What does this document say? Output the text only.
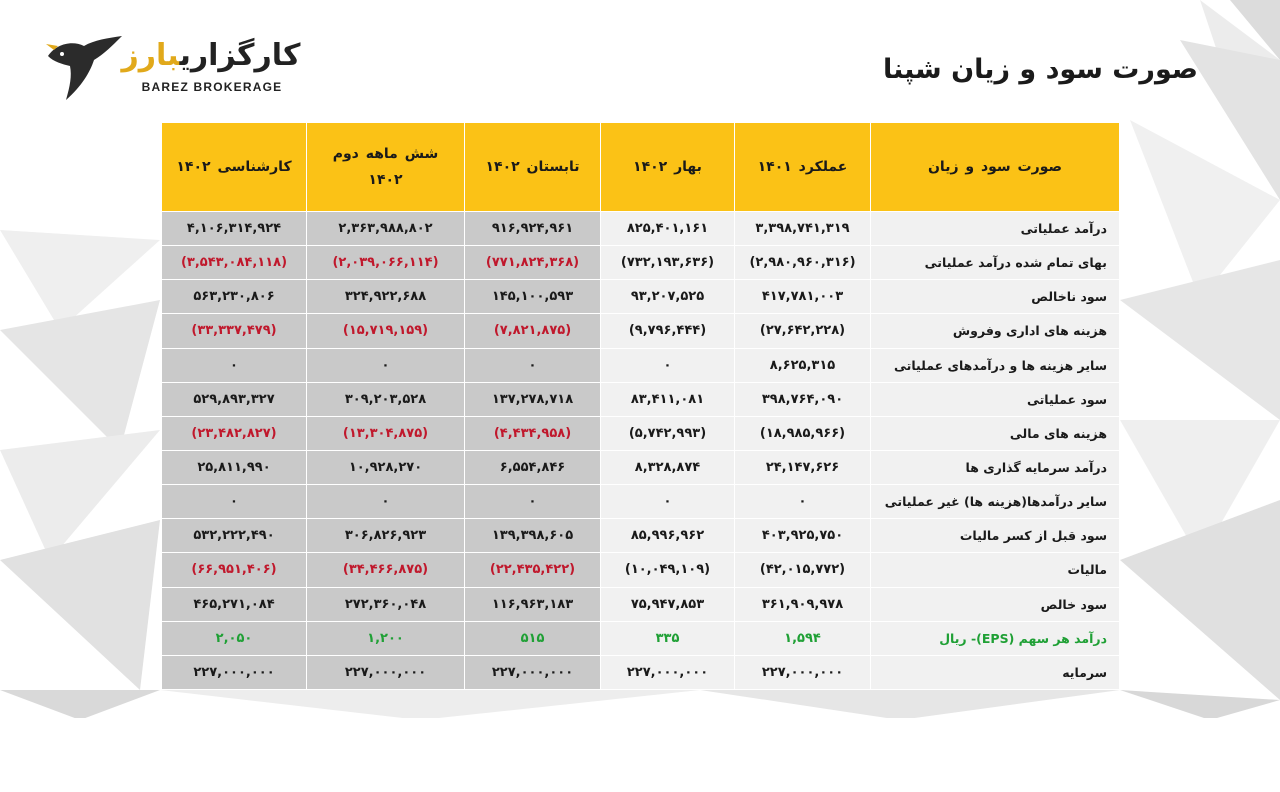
کارگزاریبارز
BAREZ BROKERAGE
صورت سود و زیان شپنا
صورت سود و زیان	عملکرد ۱۴۰۱	بهار ۱۴۰۲	تابستان ۱۴۰۲	شش ماهه دوم ۱۴۰۲	کارشناسی ۱۴۰۲
درآمد عملیاتی	۳,۳۹۸,۷۴۱,۳۱۹	۸۲۵,۴۰۱,۱۶۱	۹۱۶,۹۲۴,۹۶۱	۲,۳۶۳,۹۸۸,۸۰۲	۴,۱۰۶,۳۱۴,۹۲۴
بهای تمام شده درآمد عملیاتی	(۲,۹۸۰,۹۶۰,۳۱۶)	(۷۳۲,۱۹۳,۶۳۶)	(۷۷۱,۸۲۴,۳۶۸)	(۲,۰۳۹,۰۶۶,۱۱۴)	(۳,۵۴۳,۰۸۴,۱۱۸)
سود ناخالص	۴۱۷,۷۸۱,۰۰۳	۹۳,۲۰۷,۵۲۵	۱۴۵,۱۰۰,۵۹۳	۳۲۴,۹۲۲,۶۸۸	۵۶۳,۲۳۰,۸۰۶
هزینه های اداری وفروش	(۲۷,۶۴۲,۲۲۸)	(۹,۷۹۶,۴۴۴)	(۷,۸۲۱,۸۷۵)	(۱۵,۷۱۹,۱۵۹)	(۳۳,۳۳۷,۴۷۹)
سایر هزینه ها و درآمدهای عملیاتی	۸,۶۲۵,۳۱۵	۰	۰	۰	۰
سود عملیاتی	۳۹۸,۷۶۴,۰۹۰	۸۳,۴۱۱,۰۸۱	۱۳۷,۲۷۸,۷۱۸	۳۰۹,۲۰۳,۵۲۸	۵۲۹,۸۹۳,۳۲۷
هزینه های مالی	(۱۸,۹۸۵,۹۶۶)	(۵,۷۴۲,۹۹۳)	(۴,۴۳۴,۹۵۸)	(۱۳,۳۰۴,۸۷۵)	(۲۳,۴۸۲,۸۲۷)
درآمد سرمایه گذاری ها	۲۴,۱۴۷,۶۲۶	۸,۳۲۸,۸۷۴	۶,۵۵۴,۸۴۶	۱۰,۹۲۸,۲۷۰	۲۵,۸۱۱,۹۹۰
سایر درآمدها(هزینه ها) غیر عملیاتی	۰	۰	۰	۰	۰
سود قبل از کسر مالیات	۴۰۳,۹۲۵,۷۵۰	۸۵,۹۹۶,۹۶۲	۱۳۹,۳۹۸,۶۰۵	۳۰۶,۸۲۶,۹۲۳	۵۳۲,۲۲۲,۴۹۰
مالیات	(۴۲,۰۱۵,۷۷۲)	(۱۰,۰۴۹,۱۰۹)	(۲۲,۴۳۵,۴۲۲)	(۳۴,۴۶۶,۸۷۵)	(۶۶,۹۵۱,۴۰۶)
سود خالص	۳۶۱,۹۰۹,۹۷۸	۷۵,۹۴۷,۸۵۳	۱۱۶,۹۶۳,۱۸۳	۲۷۲,۳۶۰,۰۴۸	۴۶۵,۲۷۱,۰۸۴
درآمد هر سهم (EPS)- ریال	۱,۵۹۴	۳۳۵	۵۱۵	۱,۲۰۰	۲,۰۵۰
سرمایه	۲۲۷,۰۰۰,۰۰۰	۲۲۷,۰۰۰,۰۰۰	۲۲۷,۰۰۰,۰۰۰	۲۲۷,۰۰۰,۰۰۰	۲۲۷,۰۰۰,۰۰۰
